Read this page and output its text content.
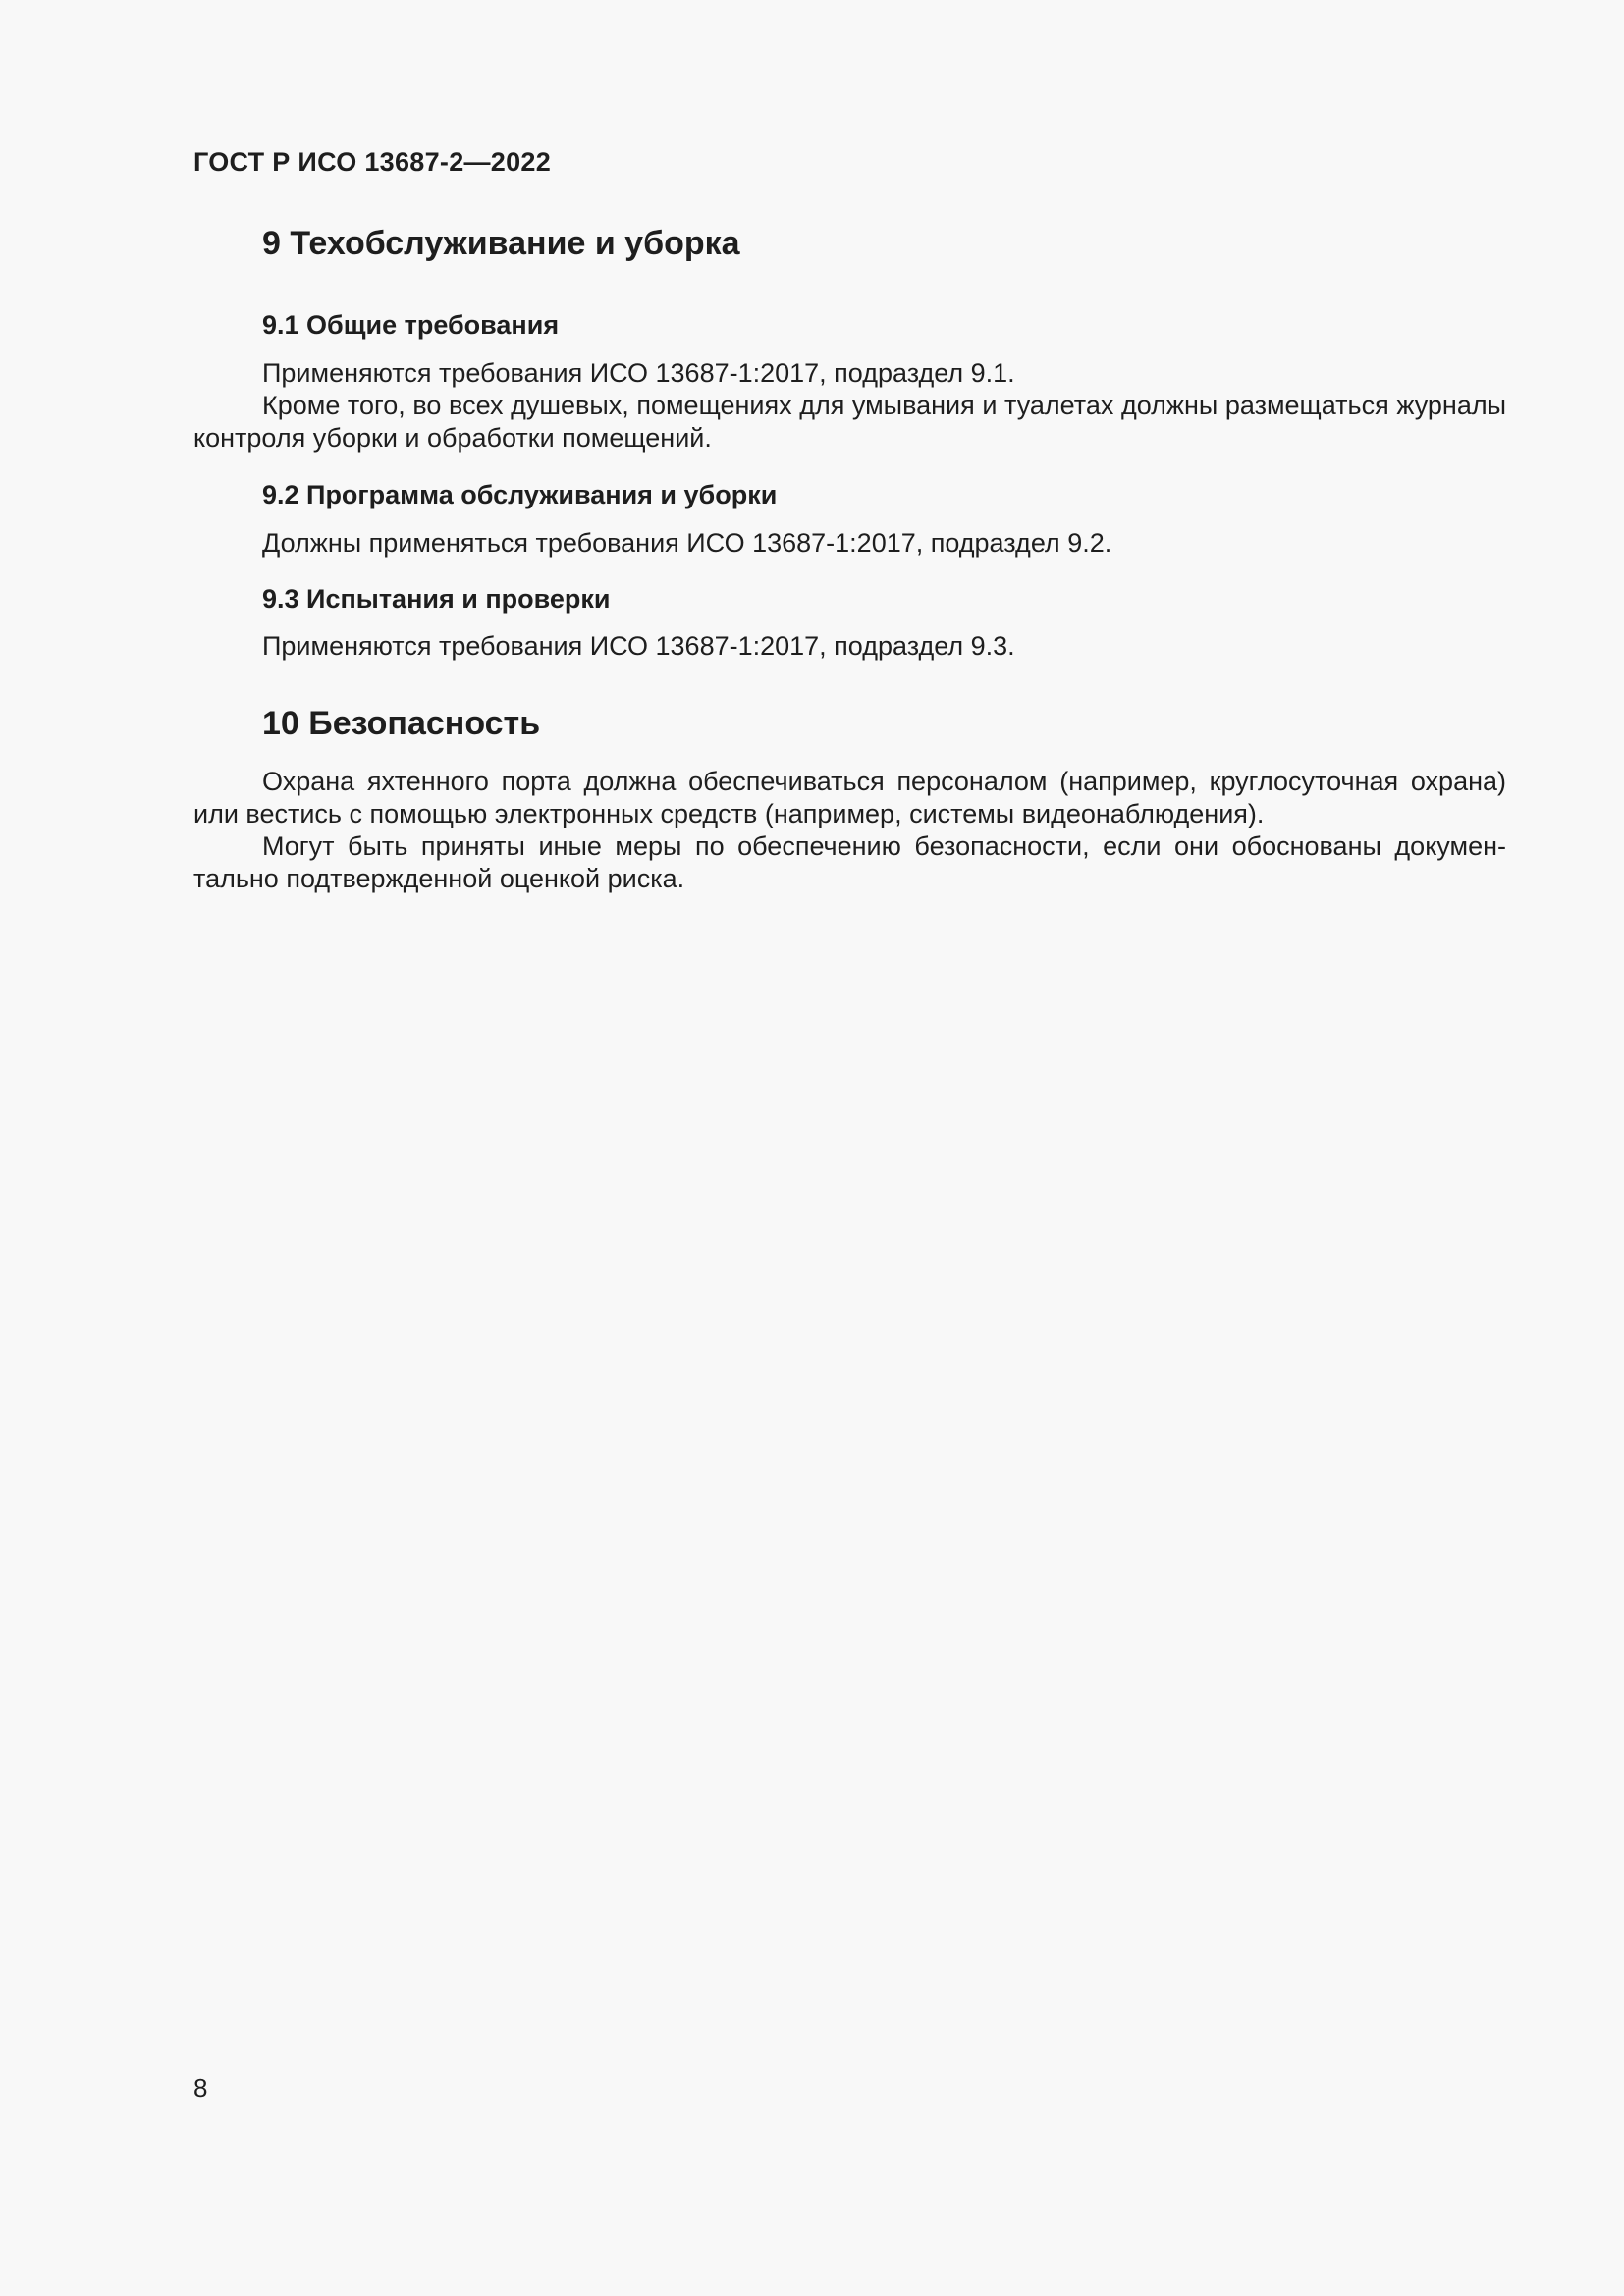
ГОСТ Р ИСО 13687-2—2022

9 Техобслуживание и уборка
9.1 Общие требования

Применяются требования ИСО 13687-1:2017, подраздел 9.1.

Кроме того, во всех душевых, помещениях для умывания и туалетах должны размещаться журналы контроля уборки и обработки помещений.

9.2 Программа обслуживания и уборки

Должны применяться требования ИСО 13687-1:2017, подраздел 9.2.

9.3 Испытания и проверки

Применяются требования ИСО 13687-1:2017, подраздел 9.3.

10 Безопасность

Охрана яхтенного порта должна обеспечиваться персоналом (например, круглосуточная охрана) или вестись с помощью электронных средств (например, системы видеонаблюдения).

Могут быть приняты иные меры по обеспечению безопасности, если они обоснованы документально подтвержденной оценкой риска.

8
